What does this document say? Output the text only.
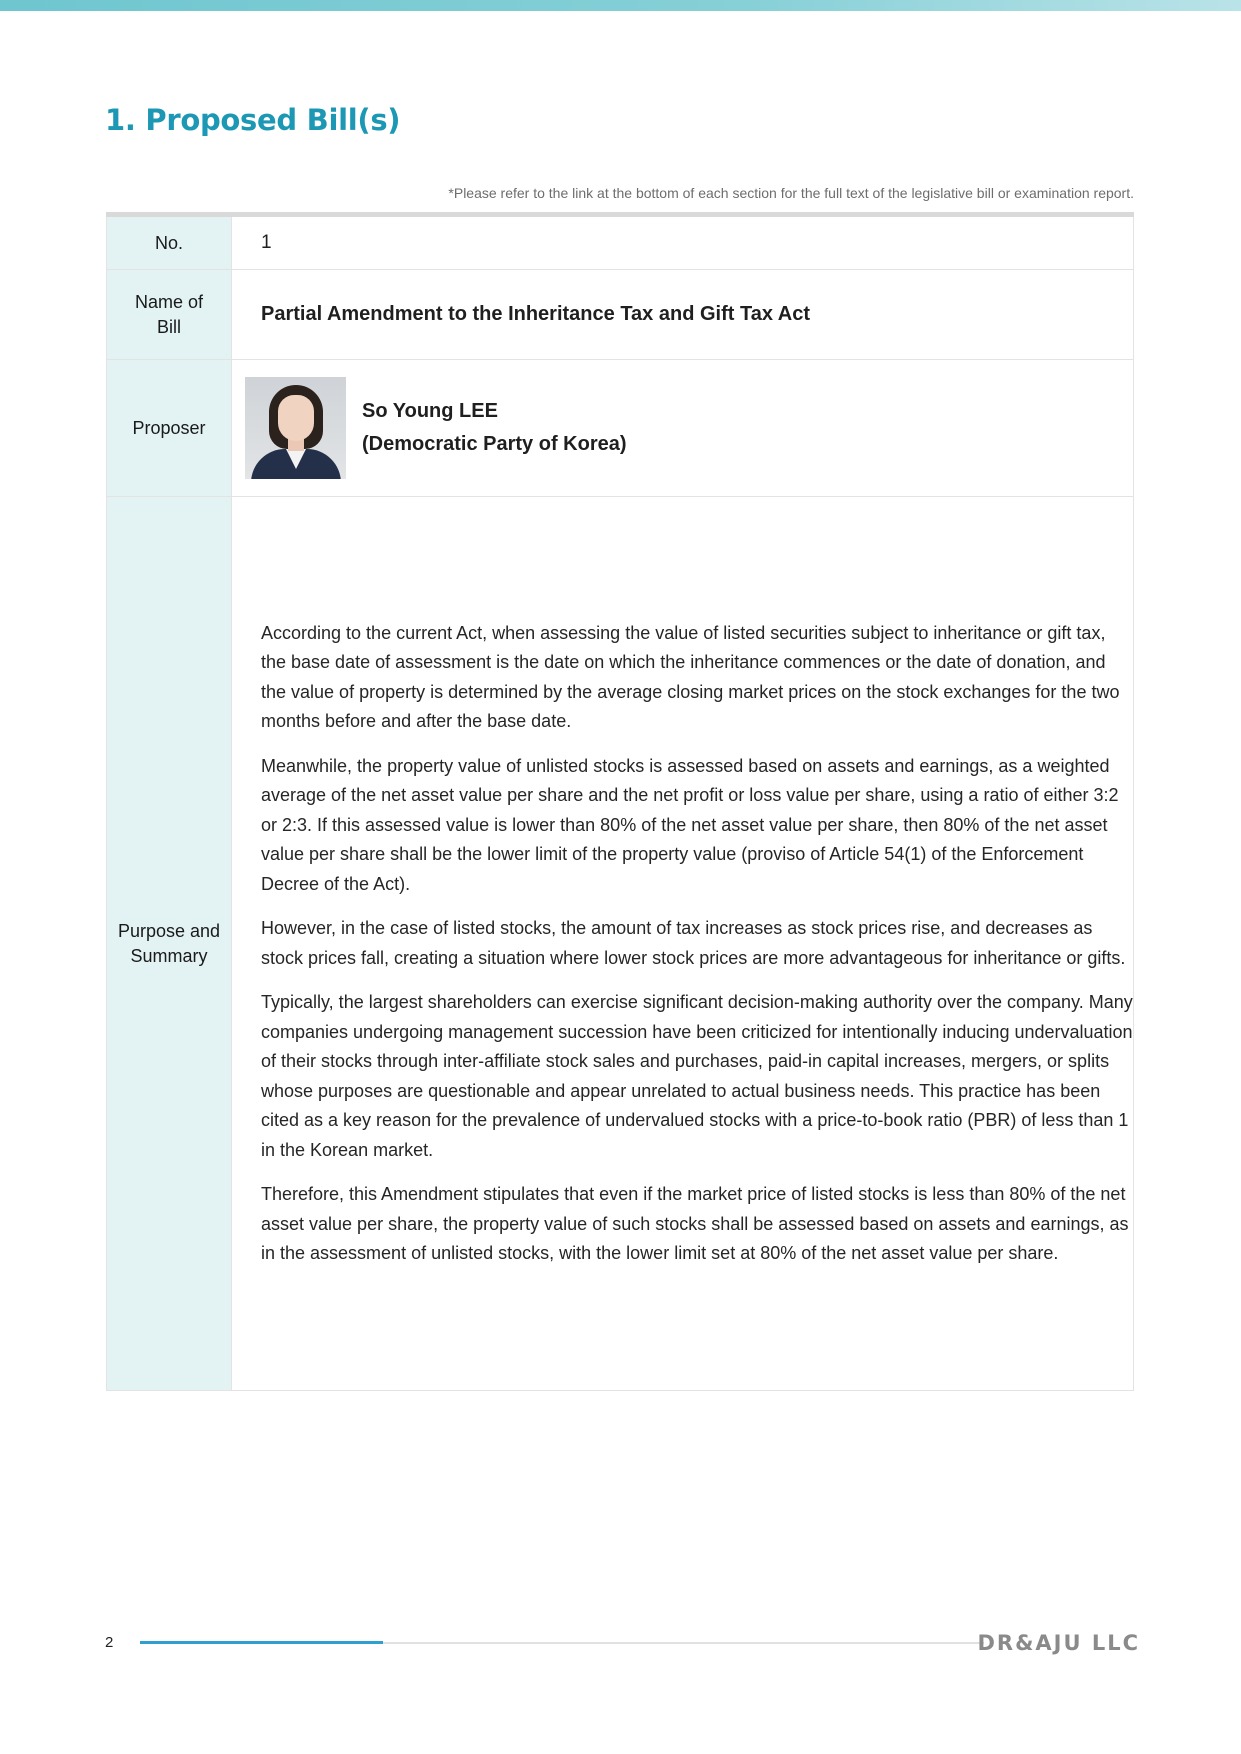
1. Proposed Bill(s)
*Please refer to the link at the bottom of each section for the full text of the legislative bill or examination report.
No.	1

Name of Bill	Partial Amendment to the Inheritance Tax and Gift Tax Act
Proposer	So Young LEE
(Democratic Party of Korea)

Purpose and Summary	According to the current Act, when assessing the value of listed securities subject to inheritance or gift tax, the base date of assessment is the date on which the inheritance commences or the date of donation, and the value of property is determined by the average closing market prices on the stock exchanges for the two months before and after the base date.

Meanwhile, the property value of unlisted stocks is assessed based on assets and earnings, as a weighted average of the net asset value per share and the net profit or loss value per share, using a ratio of either 3:2 or 2:3. If this assessed value is lower than 80% of the net asset value per share, then 80% of the net asset value per share shall be the lower limit of the property value (proviso of Article 54(1) of the Enforcement Decree of the Act).

However, in the case of listed stocks, the amount of tax increases as stock prices rise, and decreases as stock prices fall, creating a situation where lower stock prices are more advantageous for inheritance or gifts.

Typically, the largest shareholders can exercise significant decision-making authority over the company. Many companies undergoing management succession have been criticized for intentionally inducing undervaluation of their stocks through inter-affiliate stock sales and purchases, paid-in capital increases, mergers, or splits whose purposes are questionable and appear unrelated to actual business needs. This practice has been cited as a key reason for the prevalence of undervalued stocks with a price-to-book ratio (PBR) of less than 1 in the Korean market.

Therefore, this Amendment stipulates that even if the market price of listed stocks is less than 80% of the net asset value per share, the property value of such stocks shall be assessed based on assets and earnings, as in the assessment of unlisted stocks, with the lower limit set at 80% of the net asset value per share.

2	DR&AJU LLC
